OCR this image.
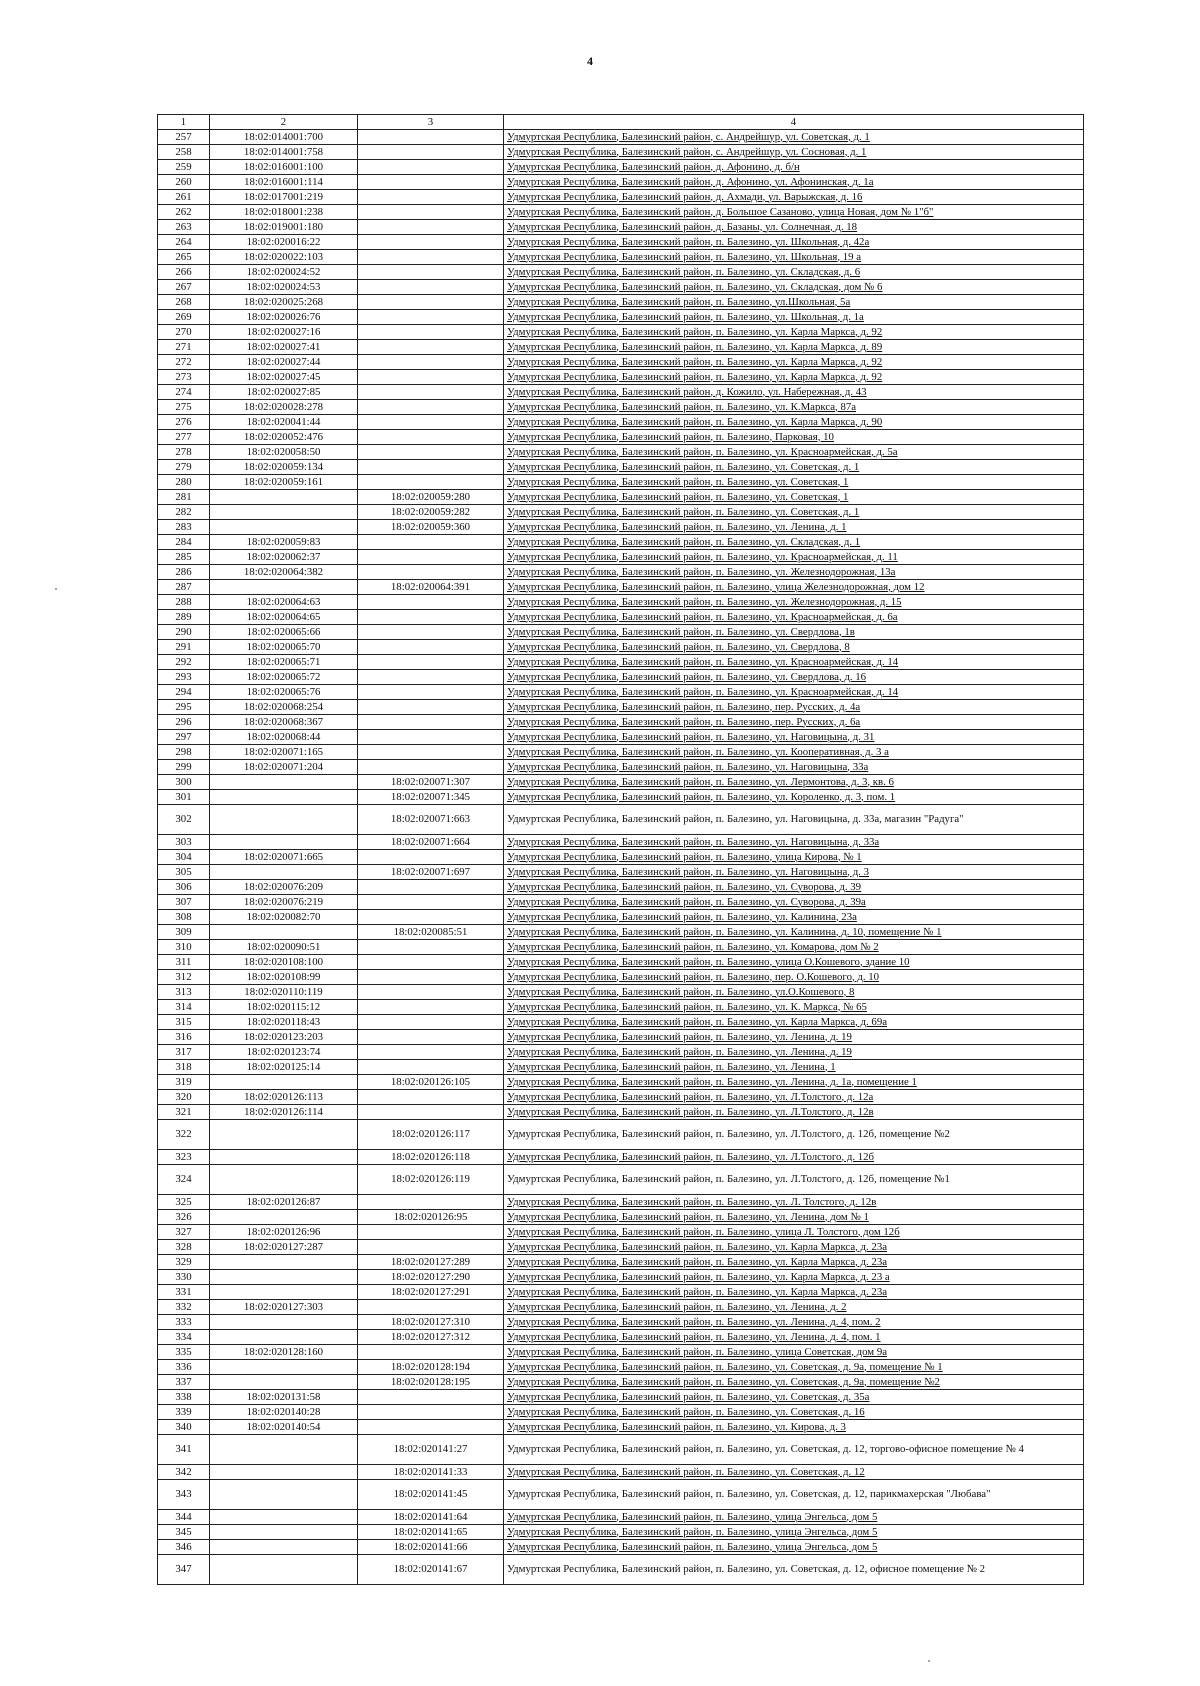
4
1	2	3	4
257	18:02:014001:700		Удмуртская Республика, Балезинский район, с. Андрейшур, ул. Советская, д. 1
258	18:02:014001:758		Удмуртская Республика, Балезинский район, с. Андрейшур, ул. Сосновая, д. 1
259	18:02:016001:100		Удмуртская Республика, Балезинский район, д. Афонино, д. б/н
260	18:02:016001:114		Удмуртская Республика, Балезинский район, д. Афонино, ул. Афонинская, д. 1а
261	18:02:017001:219		Удмуртская Республика, Балезинский район, д. Ахмади, ул. Варыжская, д. 16
262	18:02:018001:238		Удмуртская Республика, Балезинский район, д. Большое Сазаново, улица Новая, дом № 1"б"
263	18:02:019001:180		Удмуртская Республика, Балезинский район, д. Базаны, ул. Солнечная, д. 18
264	18:02:020016:22		Удмуртская Республика, Балезинский район, п. Балезино, ул. Школьная, д. 42а
265	18:02:020022:103		Удмуртская Республика, Балезинский район, п. Балезино, ул. Школьная, 19 а
266	18:02:020024:52		Удмуртская Республика, Балезинский район, п. Балезино, ул. Складская, д. 6
267	18:02:020024:53		Удмуртская Республика, Балезинский район, п. Балезино, ул. Складская, дом № 6
268	18:02:020025:268		Удмуртская Республика, Балезинский район, п. Балезино, ул.Школьная, 5а
269	18:02:020026:76		Удмуртская Республика, Балезинский район, п. Балезино, ул. Школьная, д. 1а
270	18:02:020027:16		Удмуртская Республика, Балезинский район, п. Балезино, ул. Карла Маркса, д. 92
271	18:02:020027:41		Удмуртская Республика, Балезинский район, п. Балезино, ул. Карла Маркса, д. 89
272	18:02:020027:44		Удмуртская Республика, Балезинский район, п. Балезино, ул. Карла Маркса, д. 92
273	18:02:020027:45		Удмуртская Республика, Балезинский район, п. Балезино, ул. Карла Маркса, д. 92
274	18:02:020027:85		Удмуртская Республика, Балезинский район, д. Кожило, ул. Набережная, д. 43
275	18:02:020028:278		Удмуртская Республика, Балезинский район, п. Балезино, ул. К.Маркса, 87а
276	18:02:020041:44		Удмуртская Республика, Балезинский район, п. Балезино, ул. Карла Маркса, д. 90
277	18:02:020052:476		Удмуртская Республика, Балезинский район, п. Балезино, Парковая, 10
278	18:02:020058:50		Удмуртская Республика, Балезинский район, п. Балезино, ул. Красноармейская, д. 5а
279	18:02:020059:134		Удмуртская Республика, Балезинский район, п. Балезино, ул. Советская, д. 1
280	18:02:020059:161		Удмуртская Республика, Балезинский район, п. Балезино, ул. Советская, 1
281		18:02:020059:280	Удмуртская Республика, Балезинский район, п. Балезино, ул. Советская, 1
282		18:02:020059:282	Удмуртская Республика, Балезинский район, п. Балезино, ул. Советская, д. 1
283		18:02:020059:360	Удмуртская Республика, Балезинский район, п. Балезино, ул. Ленина, д. 1
284	18:02:020059:83		Удмуртская Республика, Балезинский район, п. Балезино, ул. Складская, д. 1
285	18:02:020062:37		Удмуртская Республика, Балезинский район, п. Балезино, ул. Красноармейская, д. 11
286	18:02:020064:382		Удмуртская Республика, Балезинский район, п. Балезино, ул. Железнодорожная, 13а
287		18:02:020064:391	Удмуртская Республика, Балезинский район, п. Балезино, улица Железнодорожная, дом 12
288	18:02:020064:63		Удмуртская Республика, Балезинский район, п. Балезино, ул. Железнодорожная, д. 15
289	18:02:020064:65		Удмуртская Республика, Балезинский район, п. Балезино, ул. Красноармейская, д. 6а
290	18:02:020065:66		Удмуртская Республика, Балезинский район, п. Балезино, ул. Свердлова, 1в
291	18:02:020065:70		Удмуртская Республика, Балезинский район, п. Балезино, ул. Свердлова, 8
292	18:02:020065:71		Удмуртская Республика, Балезинский район, п. Балезино, ул. Красноармейская, д. 14
293	18:02:020065:72		Удмуртская Республика, Балезинский район, п. Балезино, ул. Свердлова, д. 16
294	18:02:020065:76		Удмуртская Республика, Балезинский район, п. Балезино, ул. Красноармейская, д. 14
295	18:02:020068:254		Удмуртская Республика, Балезинский район, п. Балезино, пер. Русских, д. 4а
296	18:02:020068:367		Удмуртская Республика, Балезинский район, п. Балезино, пер. Русских, д. 6а
297	18:02:020068:44		Удмуртская Республика, Балезинский район, п. Балезино, ул. Наговицына, д. 31
298	18:02:020071:165		Удмуртская Республика, Балезинский район, п. Балезино, ул. Кооперативная, д. 3 а
299	18:02:020071:204		Удмуртская Республика, Балезинский район, п. Балезино, ул. Наговицына, 33а
300		18:02:020071:307	Удмуртская Республика, Балезинский район, п. Балезино, ул. Лермонтова, д. 3, кв. 6
301		18:02:020071:345	Удмуртская Республика, Балезинский район, п. Балезино, ул. Короленко, д. 3, пом. 1
302		18:02:020071:663	Удмуртская Республика, Балезинский район, п. Балезино, ул. Наговицына, д. 33а, магазин "Радуга"
303		18:02:020071:664	Удмуртская Республика, Балезинский район, п. Балезино, ул. Наговицына, д. 33а
304	18:02:020071:665		Удмуртская Республика, Балезинский район, п. Балезино, улица Кирова, № 1
305		18:02:020071:697	Удмуртская Республика, Балезинский район, п. Балезино, ул. Наговицына, д. 3
306	18:02:020076:209		Удмуртская Республика, Балезинский район, п. Балезино, ул. Суворова, д. 39
307	18:02:020076:219		Удмуртская Республика, Балезинский район, п. Балезино, ул. Суворова, д. 39а
308	18:02:020082:70		Удмуртская Республика, Балезинский район, п. Балезино, ул. Калинина, 23а
309		18:02:020085:51	Удмуртская Республика, Балезинский район, п. Балезино, ул. Калинина, д. 10, помещение № 1
310	18:02:020090:51		Удмуртская Республика, Балезинский район, п. Балезино, ул. Комарова, дом № 2
311	18:02:020108:100		Удмуртская Республика, Балезинский район, п. Балезино, улица О.Кошевого, здание 10
312	18:02:020108:99		Удмуртская Республика, Балезинский район, п. Балезино, пер. О.Кошевого, д. 10
313	18:02:020110:119		Удмуртская Республика, Балезинский район, п. Балезино, ул.О.Кошевого, 8
314	18:02:020115:12		Удмуртская Республика, Балезинский район, п. Балезино, ул. К. Маркса, № 65
315	18:02:020118:43		Удмуртская Республика, Балезинский район, п. Балезино, ул. Карла Маркса, д. 69а
316	18:02:020123:203		Удмуртская Республика, Балезинский район, п. Балезино, ул. Ленина, д. 19
317	18:02:020123:74		Удмуртская Республика, Балезинский район, п. Балезино, ул. Ленина, д. 19
318	18:02:020125:14		Удмуртская Республика, Балезинский район, п. Балезино, ул. Ленина, 1
319		18:02:020126:105	Удмуртская Республика, Балезинский район, п. Балезино, ул. Ленина, д. 1а, помещение 1
320	18:02:020126:113		Удмуртская Республика, Балезинский район, п. Балезино, ул. Л.Толстого, д. 12а
321	18:02:020126:114		Удмуртская Республика, Балезинский район, п. Балезино, ул. Л.Толстого, д. 12в
322		18:02:020126:117	Удмуртская Республика, Балезинский район, п. Балезино, ул. Л.Толстого, д. 12б, помещение №2
323		18:02:020126:118	Удмуртская Республика, Балезинский район, п. Балезино, ул. Л.Толстого, д. 12б
324		18:02:020126:119	Удмуртская Республика, Балезинский район, п. Балезино, ул. Л.Толстого, д. 12б, помещение №1
325	18:02:020126:87		Удмуртская Республика, Балезинский район, п. Балезино, ул. Л. Толстого, д. 12в
326		18:02:020126:95	Удмуртская Республика, Балезинский район, п. Балезино, ул. Ленина, дом № 1
327	18:02:020126:96		Удмуртская Республика, Балезинский район, п. Балезино, улица Л. Толстого, дом 12б
328	18:02:020127:287		Удмуртская Республика, Балезинский район, п. Балезино, ул. Карла Маркса, д. 23а
329		18:02:020127:289	Удмуртская Республика, Балезинский район, п. Балезино, ул. Карла Маркса, д. 23а
330		18:02:020127:290	Удмуртская Республика, Балезинский район, п. Балезино, ул. Карла Маркса, д. 23 а
331		18:02:020127:291	Удмуртская Республика, Балезинский район, п. Балезино, ул. Карла Маркса, д. 23а
332	18:02:020127:303		Удмуртская Республика, Балезинский район, п. Балезино, ул. Ленина, д. 2
333		18:02:020127:310	Удмуртская Республика, Балезинский район, п. Балезино, ул. Ленина, д. 4, пом. 2
334		18:02:020127:312	Удмуртская Республика, Балезинский район, п. Балезино, ул. Ленина, д. 4, пом. 1
335	18:02:020128:160		Удмуртская Республика, Балезинский район, п. Балезино, улица Советская, дом 9а
336		18:02:020128:194	Удмуртская Республика, Балезинский район, п. Балезино, ул. Советская, д. 9а, помещение № 1
337		18:02:020128:195	Удмуртская Республика, Балезинский район, п. Балезино, ул. Советская, д. 9а, помещение №2
338	18:02:020131:58		Удмуртская Республика, Балезинский район, п. Балезино, ул. Советская, д. 35а
339	18:02:020140:28		Удмуртская Республика, Балезинский район, п. Балезино, ул. Советская, д. 16
340	18:02:020140:54		Удмуртская Республика, Балезинский район, п. Балезино, ул. Кирова, д. 3
341		18:02:020141:27	Удмуртская Республика, Балезинский район, п. Балезино, ул. Советская, д. 12, торгово-офисное помещение № 4
342		18:02:020141:33	Удмуртская Республика, Балезинский район, п. Балезино, ул. Советская, д. 12
343		18:02:020141:45	Удмуртская Республика, Балезинский район, п. Балезино, ул. Советская, д. 12, парикмахерская "Любава"
344		18:02:020141:64	Удмуртская Республика, Балезинский район, п. Балезино, улица Энгельса, дом 5
345		18:02:020141:65	Удмуртская Республика, Балезинский район, п. Балезино, улица Энгельса, дом 5
346		18:02:020141:66	Удмуртская Республика, Балезинский район, п. Балезино, улица Энгельса, дом 5
347		18:02:020141:67	Удмуртская Республика, Балезинский район, п. Балезино, ул. Советская, д. 12, офисное помещение № 2
